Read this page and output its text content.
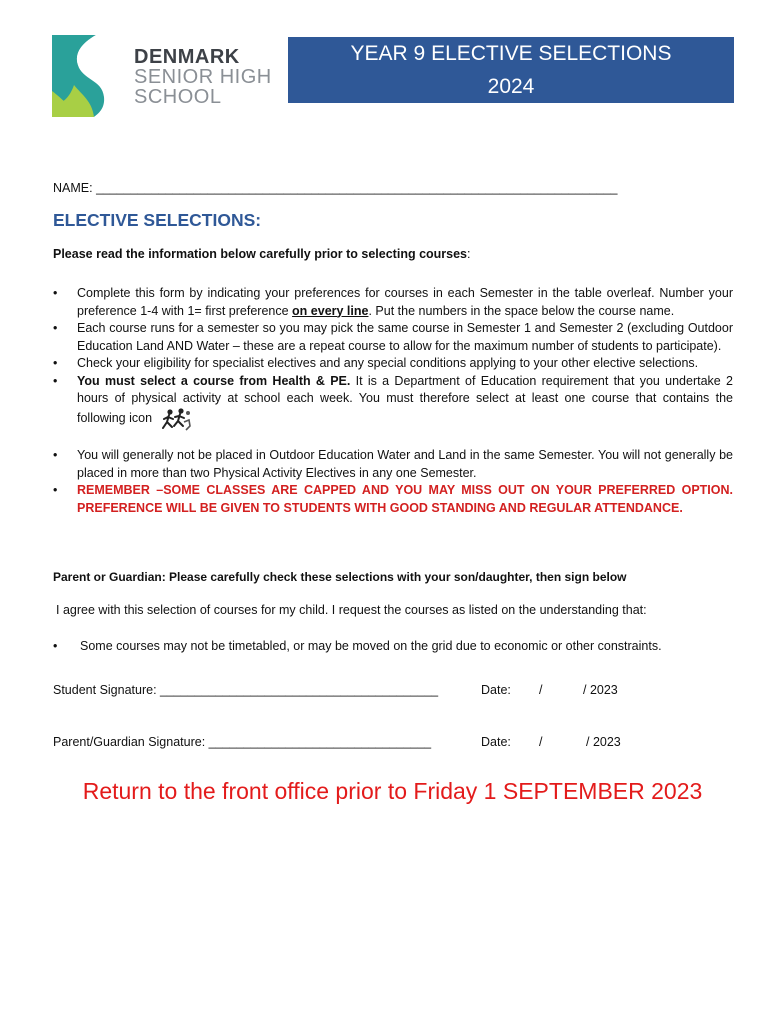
DENMARK
SENIOR HIGH
SCHOOL
YEAR 9 ELECTIVE SELECTIONS
2024
NAME: ___________________________________________________________________________
ELECTIVE SELECTIONS:
Please read the information below carefully prior to selecting courses:
• Complete this form by indicating your preferences for courses in each Semester in the table overleaf. Number your preference 1-4 with 1= first preference on every line. Put the numbers in the space below the course name.
• Each course runs for a semester so you may pick the same course in Semester 1 and Semester 2 (excluding Outdoor Education Land AND Water – these are a repeat course to allow for the maximum number of students to participate).
• Check your eligibility for specialist electives and any special conditions applying to your other elective selections.
• You must select a course from Health & PE. It is a Department of Education requirement that you undertake 2 hours of physical activity at school each week. You must therefore select at least one course that contains the following icon
• You will generally not be placed in Outdoor Education Water and Land in the same Semester. You will not generally be placed in more than two Physical Activity Electives in any one Semester.
• REMEMBER –SOME CLASSES ARE CAPPED AND YOU MAY MISS OUT ON YOUR PREFERRED OPTION. PREFERENCE WILL BE GIVEN TO STUDENTS WITH GOOD STANDING AND REGULAR ATTENDANCE.
Parent or Guardian: Please carefully check these selections with your son/daughter, then sign below
I agree with this selection of courses for my child. I request the courses as listed on the understanding that:
• Some courses may not be timetabled, or may be moved on the grid due to economic or other constraints.
Student Signature: ________________________________________	Date: /	/ 2023
Parent/Guardian Signature: ________________________________	Date: /	/ 2023
Return to the front office prior to Friday 1 SEPTEMBER 2023
